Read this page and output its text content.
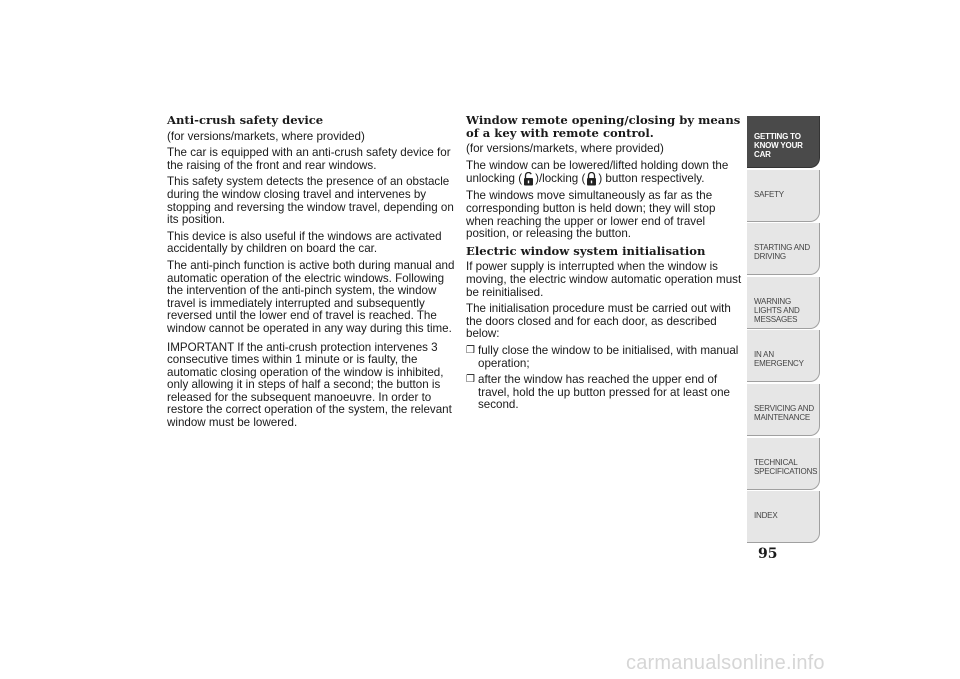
Anti-crush safety device

(for versions/markets, where provided)

The car is equipped with an anti-crush safety device for the raising of the front and rear windows.

This safety system detects the presence of an obstacle during the window closing travel and intervenes by stopping and reversing the window travel, depending on its position.

This device is also useful if the windows are activated accidentally by children on board the car.

The anti-pinch function is active both during manual and automatic operation of the electric windows. Following the intervention of the anti-pinch system, the window travel is immediately interrupted and subsequently reversed until the lower end of travel is reached. The window cannot be operated in any way during this time.

IMPORTANT If the anti-crush protection intervenes 3 consecutive times within 1 minute or is faulty, the automatic closing operation of the window is inhibited, only allowing it in steps of half a second; the button is released for the subsequent manoeuvre. In order to restore the correct operation of the system, the relevant window must be lowered.

Window remote opening/closing by means of a key with remote control.

(for versions/markets, where provided)

The window can be lowered/lifted holding down the unlocking ( )/locking ( ) button respectively.

The windows move simultaneously as far as the corresponding button is held down; they will stop when reaching the upper or lower end of travel position, or releasing the button.

Electric window system initialisation

If power supply is interrupted when the window is moving, the electric window automatic operation must be reinitialised.

The initialisation procedure must be carried out with the doors closed and for each door, as described below:

❒ fully close the window to be initialised, with manual operation;
❒ after the window has reached the upper end of travel, hold the up button pressed for at least one second.
GETTING TO KNOW YOUR CAR
SAFETY
STARTING AND DRIVING
WARNING LIGHTS AND MESSAGES
IN AN EMERGENCY
SERVICING AND MAINTENANCE
TECHNICAL SPECIFICATIONS
INDEX
95
carmanualsonline.info
